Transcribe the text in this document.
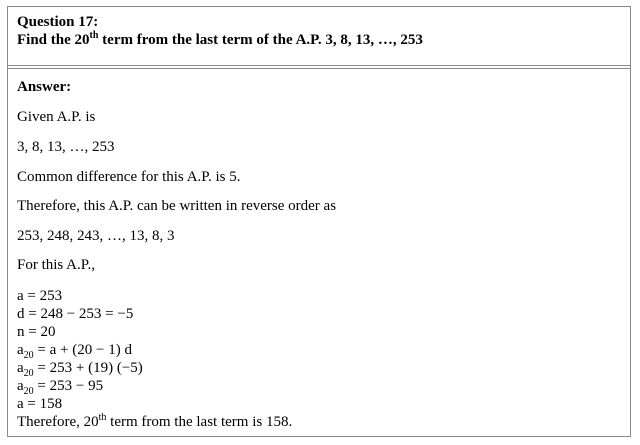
Question 17:
Find the 20th term from the last term of the A.P. 3, 8, 13, …, 253
Answer:
Given A.P. is
3, 8, 13, …, 253
Common difference for this A.P. is 5.
Therefore, this A.P. can be written in reverse order as
253, 248, 243, …, 13, 8, 3
For this A.P.,
a = 253
d = 248 − 253 = −5
n = 20
$a_{20} = a + (20 - 1)$ d
$a_{20} = 253 + (19)$ (−5)
$a_{20} = 253 - 95$
a = 158
Therefore, 20th term from the last term is 158.
